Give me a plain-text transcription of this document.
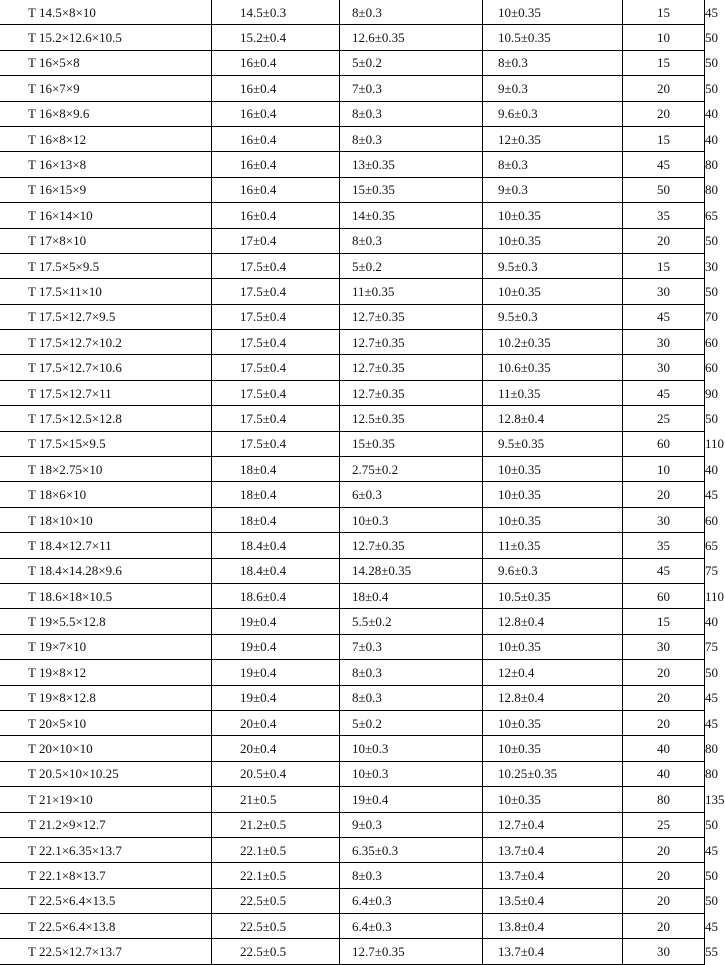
T 14.5×8×10	14.5±0.3	8±0.3	10±0.35	15	45
T 15.2×12.6×10.5	15.2±0.4	12.6±0.35	10.5±0.35	10	50
T 16×5×8	16±0.4	5±0.2	8±0.3	15	50
T 16×7×9	16±0.4	7±0.3	9±0.3	20	50
T 16×8×9.6	16±0.4	8±0.3	9.6±0.3	20	40
T 16×8×12	16±0.4	8±0.3	12±0.35	15	40
T 16×13×8	16±0.4	13±0.35	8±0.3	45	80
T 16×15×9	16±0.4	15±0.35	9±0.3	50	80
T 16×14×10	16±0.4	14±0.35	10±0.35	35	65
T 17×8×10	17±0.4	8±0.3	10±0.35	20	50
T 17.5×5×9.5	17.5±0.4	5±0.2	9.5±0.3	15	30
T 17.5×11×10	17.5±0.4	11±0.35	10±0.35	30	50
T 17.5×12.7×9.5	17.5±0.4	12.7±0.35	9.5±0.3	45	70
T 17.5×12.7×10.2	17.5±0.4	12.7±0.35	10.2±0.35	30	60
T 17.5×12.7×10.6	17.5±0.4	12.7±0.35	10.6±0.35	30	60
T 17.5×12.7×11	17.5±0.4	12.7±0.35	11±0.35	45	90
T 17.5×12.5×12.8	17.5±0.4	12.5±0.35	12.8±0.4	25	50
T 17.5×15×9.5	17.5±0.4	15±0.35	9.5±0.35	60	110
T 18×2.75×10	18±0.4	2.75±0.2	10±0.35	10	40
T 18×6×10	18±0.4	6±0.3	10±0.35	20	45
T 18×10×10	18±0.4	10±0.3	10±0.35	30	60
T 18.4×12.7×11	18.4±0.4	12.7±0.35	11±0.35	35	65
T 18.4×14.28×9.6	18.4±0.4	14.28±0.35	9.6±0.3	45	75
T 18.6×18×10.5	18.6±0.4	18±0.4	10.5±0.35	60	110
T 19×5.5×12.8	19±0.4	5.5±0.2	12.8±0.4	15	40
T 19×7×10	19±0.4	7±0.3	10±0.35	30	75
T 19×8×12	19±0.4	8±0.3	12±0.4	20	50
T 19×8×12.8	19±0.4	8±0.3	12.8±0.4	20	45
T 20×5×10	20±0.4	5±0.2	10±0.35	20	45
T 20×10×10	20±0.4	10±0.3	10±0.35	40	80
T 20.5×10×10.25	20.5±0.4	10±0.3	10.25±0.35	40	80
T 21×19×10	21±0.5	19±0.4	10±0.35	80	135
T 21.2×9×12.7	21.2±0.5	9±0.3	12.7±0.4	25	50
T 22.1×6.35×13.7	22.1±0.5	6.35±0.3	13.7±0.4	20	45
T 22.1×8×13.7	22.1±0.5	8±0.3	13.7±0.4	20	50
T 22.5×6.4×13.5	22.5±0.5	6.4±0.3	13.5±0.4	20	50
T 22.5×6.4×13.8	22.5±0.5	6.4±0.3	13.8±0.4	20	45
T 22.5×12.7×13.7	22.5±0.5	12.7±0.35	13.7±0.4	30	55
